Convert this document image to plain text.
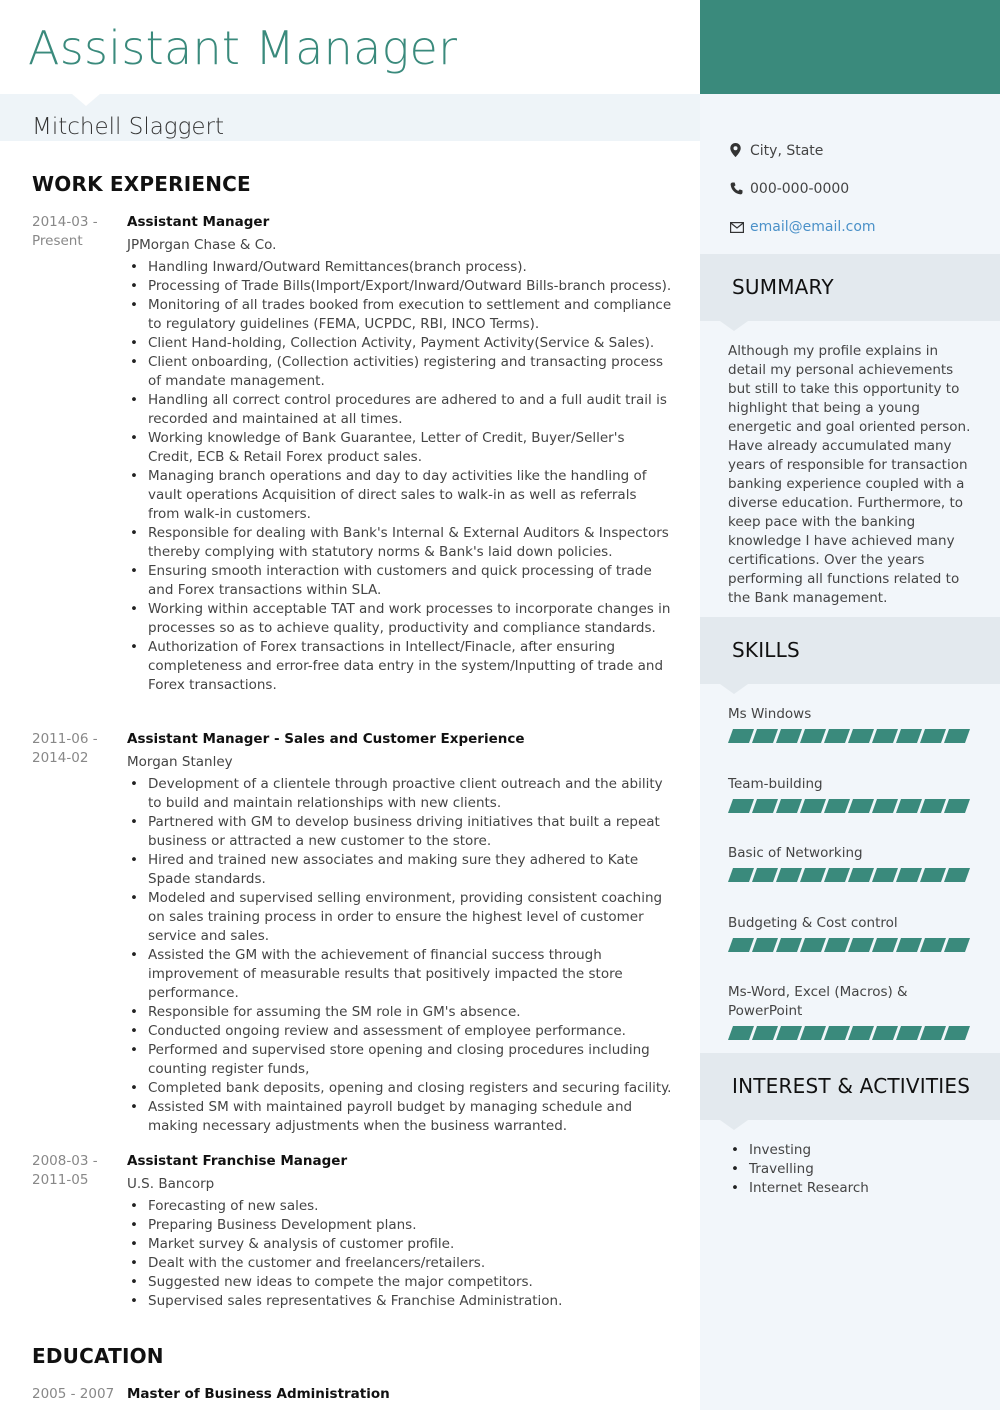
Assistant Manager
Mitchell Slaggert
WORK EXPERIENCE
2014-03 -
Present
Assistant Manager
JPMorgan Chase & Co.
• Handling Inward/Outward Remittances(branch process).
• Processing of Trade Bills(Import/Export/Inward/Outward Bills-branch process).
• Monitoring of all trades booked from execution to settlement and compliance to regulatory guidelines (FEMA, UCPDC, RBI, INCO Terms).
• Client Hand-holding, Collection Activity, Payment Activity(Service & Sales).
• Client onboarding, (Collection activities) registering and transacting process of mandate management.
• Handling all correct control procedures are adhered to and a full audit trail is recorded and maintained at all times.
• Working knowledge of Bank Guarantee, Letter of Credit, Buyer/Seller's Credit, ECB & Retail Forex product sales.
• Managing branch operations and day to day activities like the handling of vault operations Acquisition of direct sales to walk-in as well as referrals from walk-in customers.
• Responsible for dealing with Bank's Internal & External Auditors & Inspectors thereby complying with statutory norms & Bank's laid down policies.
• Ensuring smooth interaction with customers and quick processing of trade and Forex transactions within SLA.
• Working within acceptable TAT and work processes to incorporate changes in processes so as to achieve quality, productivity and compliance standards.
• Authorization of Forex transactions in Intellect/Finacle, after ensuring completeness and error-free data entry in the system/Inputting of trade and Forex transactions.
2011-06 -
2014-02
Assistant Manager - Sales and Customer Experience
Morgan Stanley
• Development of a clientele through proactive client outreach and the ability to build and maintain relationships with new clients.
• Partnered with GM to develop business driving initiatives that built a repeat business or attracted a new customer to the store.
• Hired and trained new associates and making sure they adhered to Kate Spade standards.
• Modeled and supervised selling environment, providing consistent coaching on sales training process in order to ensure the highest level of customer service and sales.
• Assisted the GM with the achievement of financial success through improvement of measurable results that positively impacted the store performance.
• Responsible for assuming the SM role in GM's absence.
• Conducted ongoing review and assessment of employee performance.
• Performed and supervised store opening and closing procedures including counting register funds,
• Completed bank deposits, opening and closing registers and securing facility.
• Assisted SM with maintained payroll budget by managing schedule and making necessary adjustments when the business warranted.
2008-03 -
2011-05
Assistant Franchise Manager
U.S. Bancorp
• Forecasting of new sales.
• Preparing Business Development plans.
• Market survey & analysis of customer profile.
• Dealt with the customer and freelancers/retailers.
• Suggested new ideas to compete the major competitors.
• Supervised sales representatives & Franchise Administration.
EDUCATION
2005 - 2007 Master of Business Administration
City, State
000-000-0000
email@email.com
SUMMARY
Although my profile explains in detail my personal achievements but still to take this opportunity to highlight that being a young energetic and goal oriented person. Have already accumulated many years of responsible for transaction banking experience coupled with a diverse education. Furthermore, to keep pace with the banking knowledge I have achieved many certifications. Over the years performing all functions related to the Bank management.
SKILLS
Ms Windows
Team-building
Basic of Networking
Budgeting & Cost control
Ms-Word, Excel (Macros) & PowerPoint
INTEREST & ACTIVITIES
• Investing
• Travelling
• Internet Research
